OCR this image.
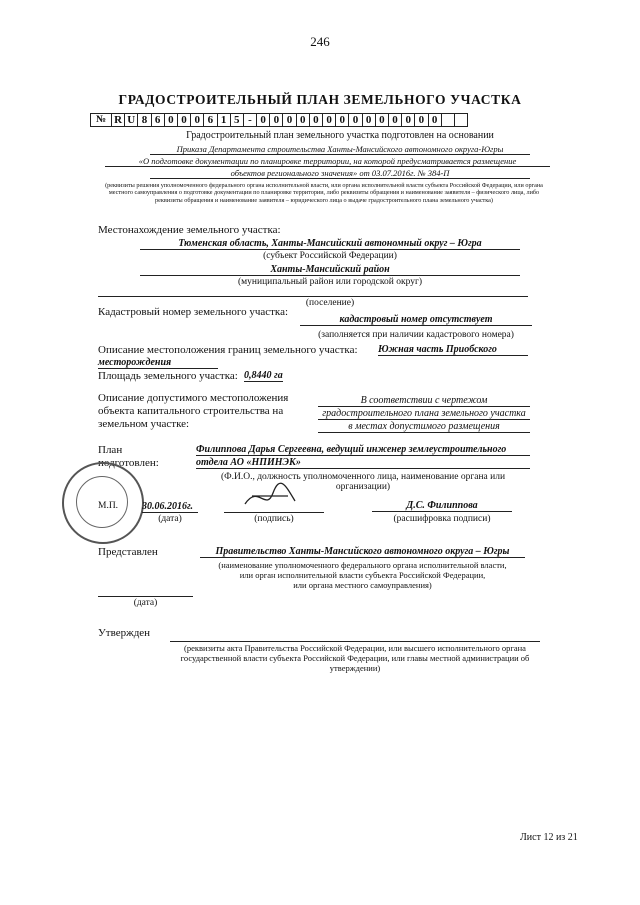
246
ГРАДОСТРОИТЕЛЬНЫЙ ПЛАН ЗЕМЕЛЬНОГО УЧАСТКА
№	R	U	8	6	0	0	0	6	1	5	-	0	0	0	0	0	0	0	0	0	0	0	0	0	0		
Градостроительный план земельного участка подготовлен на основании
Приказа Департамента строительства Ханты-Мансийского автономного округа-Югры
«О подготовке документации по планировке территории, на которой предусматривается размещение
объектов регионального значения» от 03.07.2016г. № 384-П
(реквизиты решения уполномоченного федерального органа исполнительной власти, или органа исполнительной власти субъекта Российской Федерации, или органа местного самоуправления о подготовке документации по планировке территории, либо реквизиты обращения и наименование заявителя – физического лица, либо реквизиты обращения и наименование заявителя – юридического лица о выдаче градостроительного плана земельного участка)
Местонахождение земельного участка:
Тюменская область, Ханты-Мансийский автономный округ – Югра
(субъект Российской Федерации)
Ханты-Мансийский район
(муниципальный район или городской округ)
(поселение)
Кадастровый номер земельного участка:
кадастровый номер отсутствует
(заполняется при наличии кадастрового номера)
Описание местоположения границ земельного участка: Южная часть Приобского
месторождения
Площадь земельного участка: 0,8440 га
Описание допустимого местоположения
объекта капитального строительства на
земельном участке:
В соответствии с чертежом
градостроительного плана земельного участка
в местах допустимого размещения
План
подготовлен:
Филиппова Дарья Сергеевна, ведущий инженер землеустроительного
отдела АО «НПИНЭК»
(Ф.И.О., должность уполномоченного лица, наименование органа или организации)
М.П. 30.06.2016г.
(дата)	(подпись)
Д.С. Филиппова
(расшифровка подписи)
Представлен	Правительство Ханты-Мансийского автономного округа – Югры
(наименование уполномоченного федерального органа исполнительной власти,
или орган исполнительной власти субъекта Российской Федерации,
или органа местного самоуправления)
(дата)
Утвержден
(реквизиты акта Правительства Российской Федерации, или высшего исполнительного органа
государственной власти субъекта Российской Федерации, или главы местной администрации об
утверждении)
Лист 12 из 21
